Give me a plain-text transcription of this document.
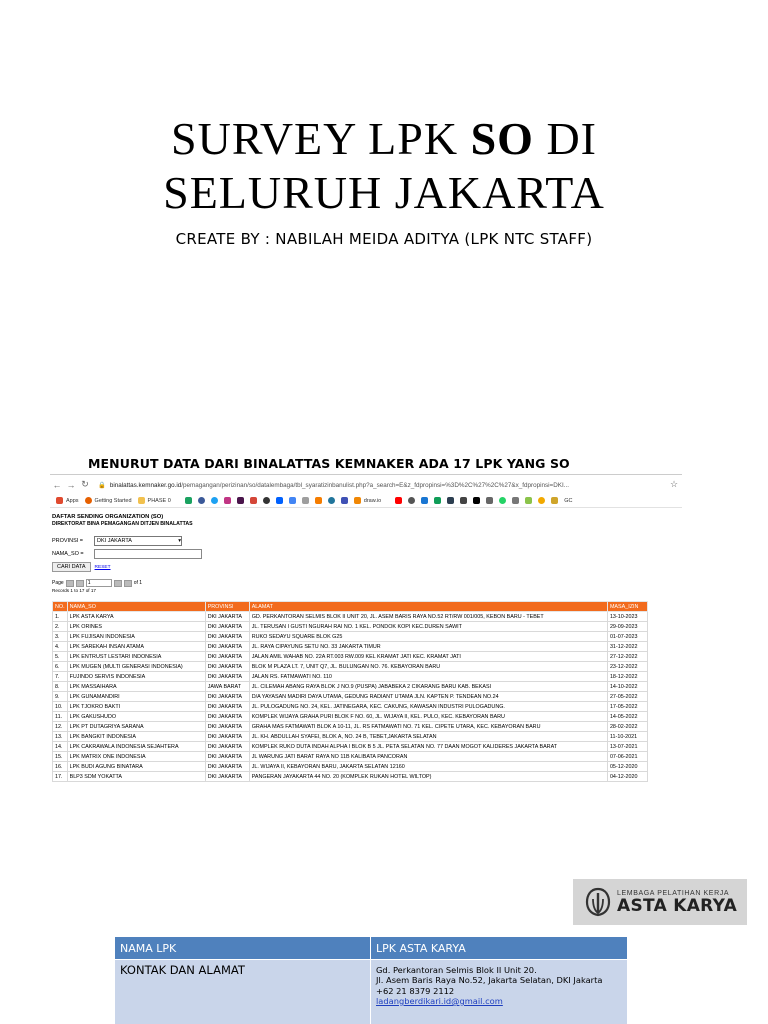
SURVEY LPK SO DI
SELURUH JAKARTA
CREATE BY : NABILAH MEIDA ADITYA (LPK NTC STAFF)
MENURUT DATA DARI BINALATTAS KEMNAKER ADA 17 LPK YANG SO
← → ↻	🔒 binalattas.kemnaker.go.id/pemagangan/perizinan/so/datalembaga/tbl_syaratizinbanulist.php?a_search=E&z_fdpropinsi=%3D%2C%27%2C%27&x_fdpropinsi=DKI...	☆
Apps	Getting Started	PHASE 0	draw.io	GC
DAFTAR SENDING ORGANIZATION (SO)
DIREKTORAT BINA PEMAGANGAN DITJEN BINALATTAS
PROVINSI =	DKI JAKARTA	▾
NAMA_SO =
CARI DATA	RESET
Page	1	of 1
Records 1 to 17 of 17
NO.	NAMA_SO	PROVINSI	ALAMAT	MASA_IZIN
1.	LPK ASTA KARYA	DKI JAKARTA	GD. PERKANTORAN SELMIS BLOK II UNIT 20, JL. ASEM BARIS RAYA NO.52 RT/RW 001/005, KEBON BARU - TEBET	13-10-2023
2.	LPK ORINES	DKI JAKARTA	JL. TERUSAN I GUSTI NGURAH RAI NO. 1 KEL. PONDOK KOPI KEC.DUREN SAWIT	29-09-2023
3.	LPK FUJISAN INDONESIA	DKI JAKARTA	RUKO SEDAYU SQUARE BLOK G25	01-07-2023
4.	LPK SAREKAH INSAN ATAMA	DKI JAKARTA	JL. RAYA CIPAYUNG SETU NO. 33 JAKARTA TIMUR	31-12-2022
5.	LPK ENTRUST LESTARI INDONESIA	DKI JAKARTA	JALAN AMIL WAHAB NO. 22A RT.003 RW.009 KEL KRAMAT JATI KEC. KRAMAT JATI	27-12-2022
6.	LPK MUGEN (MULTI GENERASI INDONESIA)	DKI JAKARTA	BLOK M PLAZA LT. 7, UNIT Q7, JL. BULUNGAN NO. 76. KEBAYORAN BARU	23-12-2022
7.	FUJINDO SERVIS INDONESIA	DKI JAKARTA	JALAN RS. FATMAWATI NO. 110	18-12-2022
8.	LPK MASSAIHARA	JAWA BARAT	JL. CILEMAH ABANG RAYA BLOK J NO.9 (PUSPA) JABABEKA 2 CIKARANG BARU KAB. BEKASI	14-10-2022
9.	LPK GUNAMANDIRI	DKI JAKARTA	D/A YAYASAN MADIRI DAYA UTAMA, GEDUNG RADIANT UTAMA JLN. KAPTEN P. TENDEAN NO.24	27-05-2022
10.	LPK TJOKRO BAKTI	DKI JAKARTA	JL. PULOGADUNG NO. 24, KEL. JATINEGARA, KEC. CAKUNG, KAWASAN INDUSTRI PULOGADUNG.	17-05-2022
11.	LPK GAKUSHUDO	DKI JAKARTA	KOMPLEK WIJAYA GRAHA PURI BLOK F NO. 60, JL. WIJAYA II, KEL. PULO, KEC. KEBAYORAN BARU	14-05-2022
12.	LPK PT DUTAGRIYA SARANA	DKI JAKARTA	GRAHA MAS FATMAWATI BLOK A 10-11, JL. RS FATMAWATI NO. 71 KEL. CIPETE UTARA, KEC. KEBAYORAN BARU	28-02-2022
13.	LPK BANGKIT INDONESIA	DKI JAKARTA	JL. KH. ABDULLAH SYAFEI, BLOK A, NO. 24 B, TEBET,JAKARTA SELATAN	11-10-2021
14.	LPK CAKRAWALA INDONESIA SEJAHTERA	DKI JAKARTA	KOMPLEK RUKO DUTA INDAH ALPHA I BLOK B 5 JL. PETA SELATAN NO. 77 DAAN MOGOT KALIDERES JAKARTA BARAT	13-07-2021
15.	LPK MATRIX ONE INDONESIA	DKI JAKARTA	JL WARUNG JATI BARAT RAYA NO 11B KALIBATA PANCORAN	07-06-2021
16.	LPK BUDI AGUNG BINATARA	DKI JAKARTA	JL. WIJAYA II, KEBAYORAN BARU, JAKARTA SELATAN 12160	05-12-2020
17.	BLP3 SDM YOKATTA	DKI JAKARTA	PANGERAN JAYAKARTA 44 NO. 20 (KOMPLEK RUKAN HOTEL WILTOP)	04-12-2020
LEMBAGA PELATIHAN KERJA
ASTA KARYA
NAMA LPK	LPK ASTA KARYA
KONTAK DAN ALAMAT	Gd. Perkantoran Selmis Blok II Unit 20.
Jl. Asem Baris Raya No.52, Jakarta Selatan, DKI Jakarta
+62 21 8379 2112
ladangberdikari.id@gmail.com
